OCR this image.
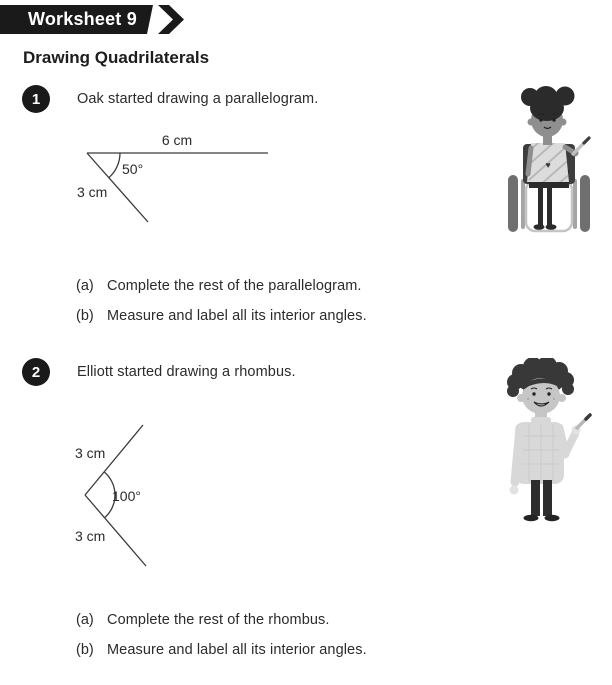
Worksheet 9
Drawing Quadrilaterals
1	Oak started drawing a parallelogram.
6 cm
50°
3 cm
(a) Complete the rest of the parallelogram.
(b) Measure and label all its interior angles.
♥
2	Elliott started drawing a rhombus.
3 cm
100°
3 cm
(a) Complete the rest of the rhombus.
(b) Measure and label all its interior angles.
